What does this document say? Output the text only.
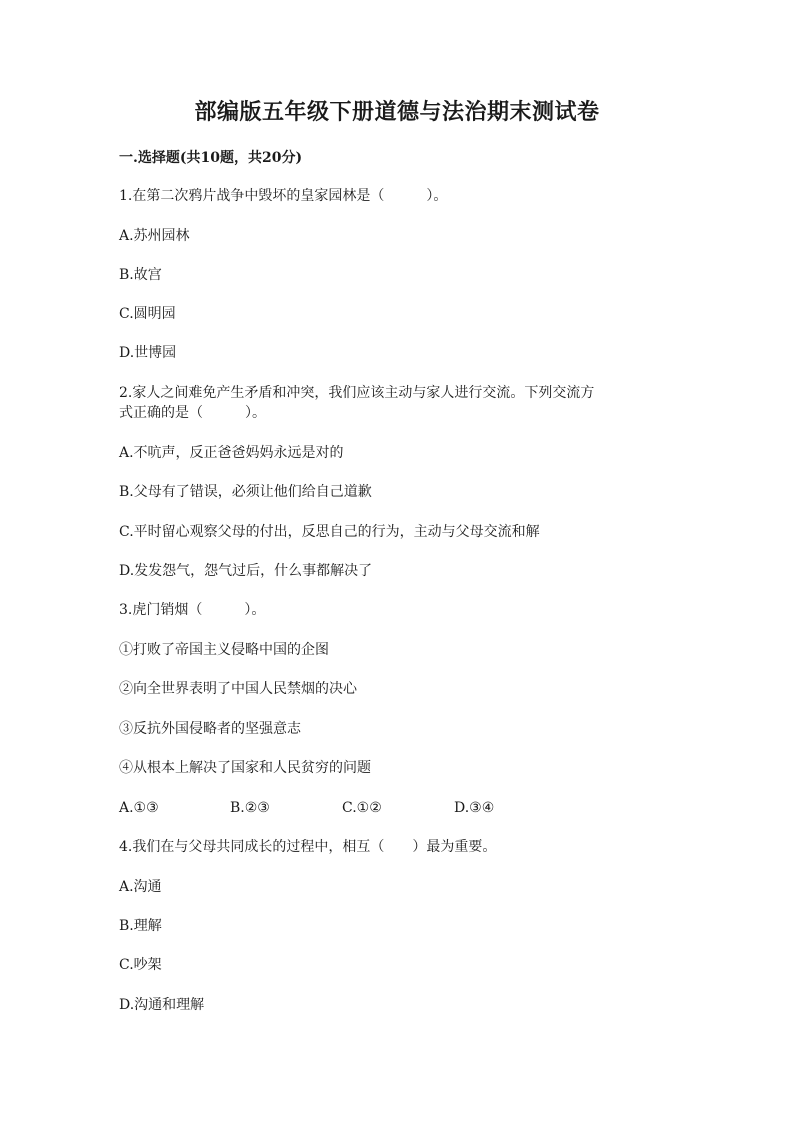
部编版五年级下册道德与法治期末测试卷
一.选择题(共10题，共20分)
1.在第二次鸦片战争中毁坏的皇家园林是（　　　）。
A.苏州园林
B.故宫
C.圆明园
D.世博园
2.家人之间难免产生矛盾和冲突，我们应该主动与家人进行交流。下列交流方
式正确的是（　　　）。
A.不吭声，反正爸爸妈妈永远是对的
B.父母有了错误，必须让他们给自己道歉
C.平时留心观察父母的付出，反思自己的行为，主动与父母交流和解
D.发发怨气，怨气过后，什么事都解决了
3.虎门销烟（　　　）。
①打败了帝国主义侵略中国的企图
②向全世界表明了中国人民禁烟的决心
③反抗外国侵略者的坚强意志
④从根本上解决了国家和人民贫穷的问题
A.①③	B.②③	C.①②	D.③④
4.我们在与父母共同成长的过程中，相互（　　）最为重要。
A.沟通
B.理解
C.吵架
D.沟通和理解
